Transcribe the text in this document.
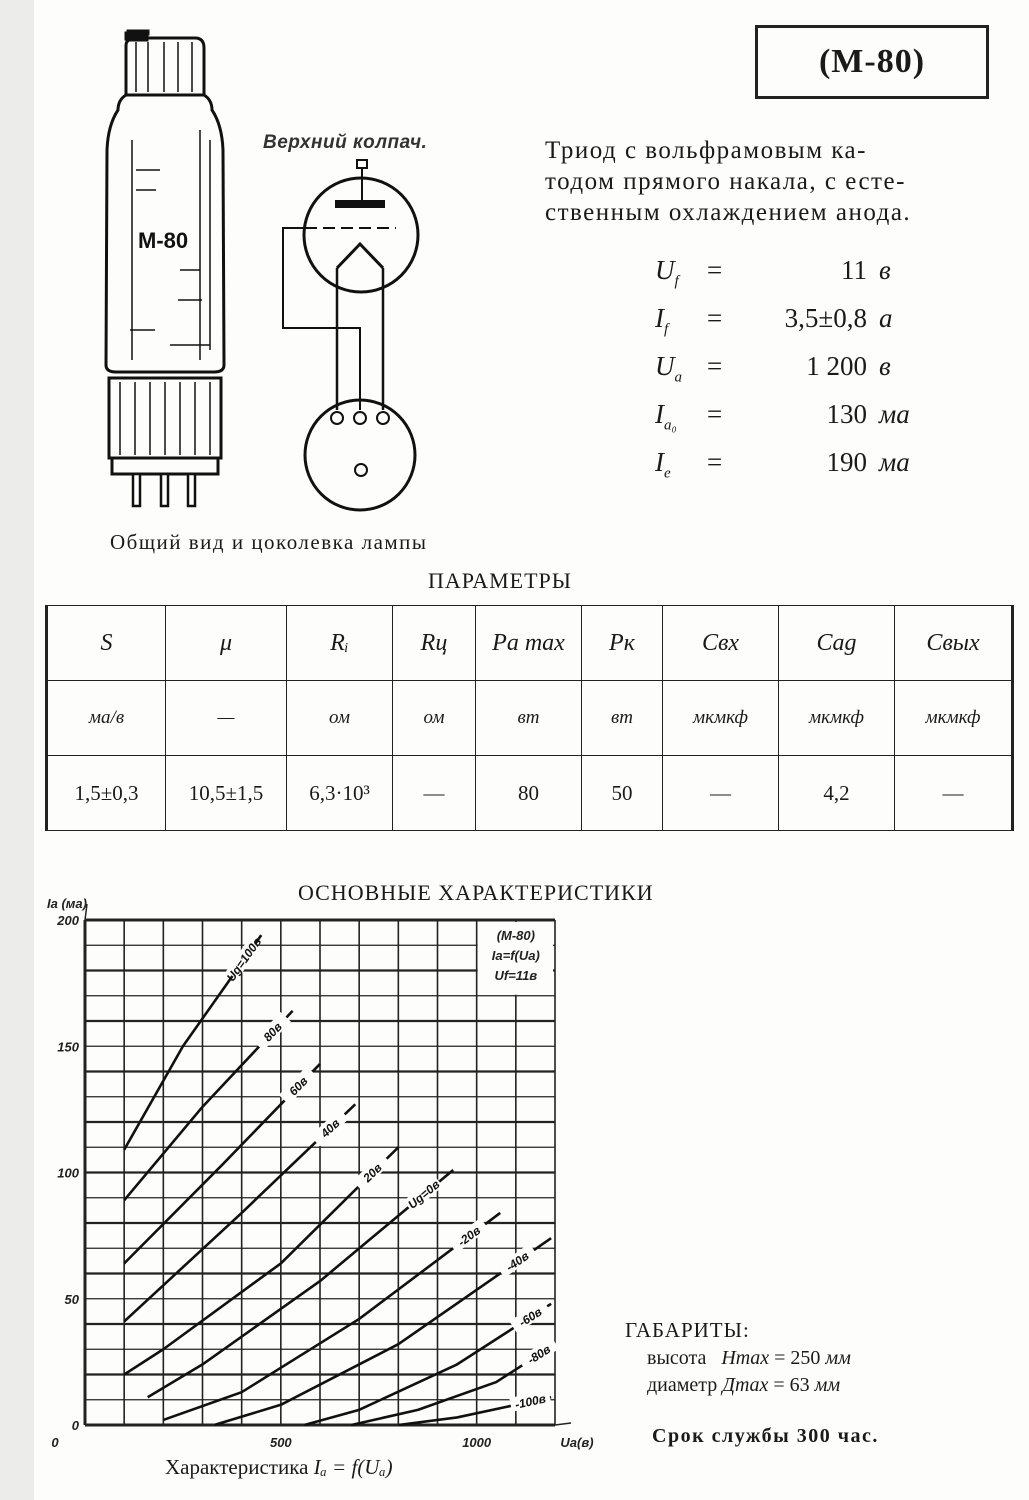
М-80
Верхний колпач.
Общий вид и цоколевка лампы
(М-80)
Триод с вольфрамовым ка-
тодом прямого накала, с есте-
ственным охлаждением анода.
$U_f$	=	11 в
$I_f$	=	3,5±0,8 а
$U_a$ =	1 200 в
$I_{a_0}$	=	130 ма
$I_e$	=	190 ма
ПАРАМЕТРЫ
S	μ	Rᵢ	Rц	Pa max	Pк	Cвх	Cag	Cвых
ма/в	—	ом	ом	вт	вт	мкмкф	мкмкф	мкмкф
1,5±0,3	10,5±1,5	6,3·10³	—	80	50	—	4,2	—
ОСНОВНЫЕ ХАРАКТЕРИСТИКИ
0	500	1000
0
50
100
150
200
Ua(в)
Ia (ма)
(М-80)
Iа=f(Uа)
Uf=11в
Ug=100в
80в
60в
40в
20в
Ug=0в
-20в
-40в
-60в
-80в
-100в
Характеристика Iₐ = f(Uₐ)
ГАБАРИТЫ:
высота Hmax = 250 мм
диаметр Дmax = 63 мм
Срок службы 300 час.
